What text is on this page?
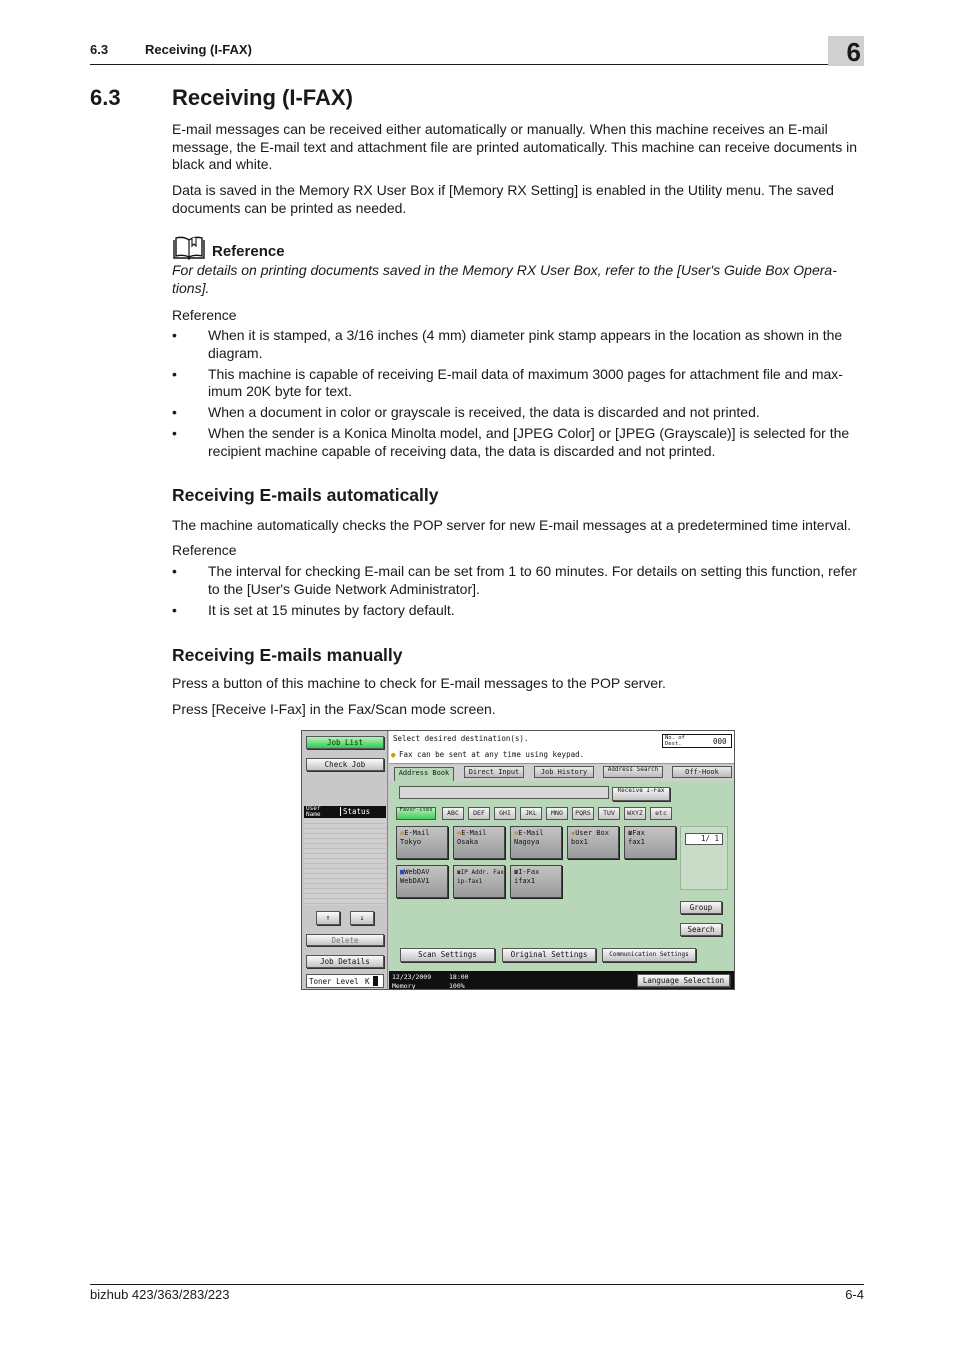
6.3	Receiving (I-FAX)	6
6.3 Receiving (I-FAX)

E-mail messages can be received either automatically or manually. When this machine receives an E-mail message, the E-mail text and attachment file are printed automatically. This machine can receive documents in black and white.

Data is saved in the Memory RX User Box if [Memory RX Setting] is enabled in the Utility menu. The saved documents can be printed as needed.

Reference

For details on printing documents saved in the Memory RX User Box, refer to the [User's Guide Box Opera-tions].

Reference

• When it is stamped, a 3/16 inches (4 mm) diameter pink stamp appears in the location as shown in the diagram.
• This machine is capable of receiving E-mail data of maximum 3000 pages for attachment file and max-imum 20K byte for text.
• When a document in color or grayscale is received, the data is discarded and not printed.
• When the sender is a Konica Minolta model, and [JPEG Color] or [JPEG (Grayscale)] is selected for the recipient machine capable of receiving data, the data is discarded and not printed.
Receiving E-mails automatically

The machine automatically checks the POP server for new E-mail messages at a predetermined time interval.

Reference

• The interval for checking E-mail can be set from 1 to 60 minutes. For details on setting this function, refer to the [User's Guide Network Administrator].
• It is set at 15 minutes by factory default.
Receiving E-mails manually

Press a button of this machine to check for E-mail messages to the POP server.

Press [Receive I-Fax] in the Fax/Scan mode screen.

Job List
Check Job
User Name	Status
↑	↓
Delete
Job Details
Toner Level K
Select desired destination(s).
● Fax can be sent at any time using keypad.
No. of Dest.	000
Address Book	Direct Input	Job History	Address Search	Off-Hook
Receive I-Fax
Favor-ites	ABC	DEF	GHI	JKL	MNO	PQRS	TUV	WXYZ	etc
✉E-Mail
Tokyo
✉E-Mail
Osaka
✉E-Mail
Nagoya
★User Box
box1
☎Fax
fax1
■WebDAV
WebDAV1
☎IP Addr. Fax
ip-fax1
☎I-Fax
ifax1
1/ 1
Group
Search
Scan Settings	Original Settings	Communication Settings
12/23/2009	18:00
Memory	100%
Language Selection
bizhub 423/363/283/223	6-4
